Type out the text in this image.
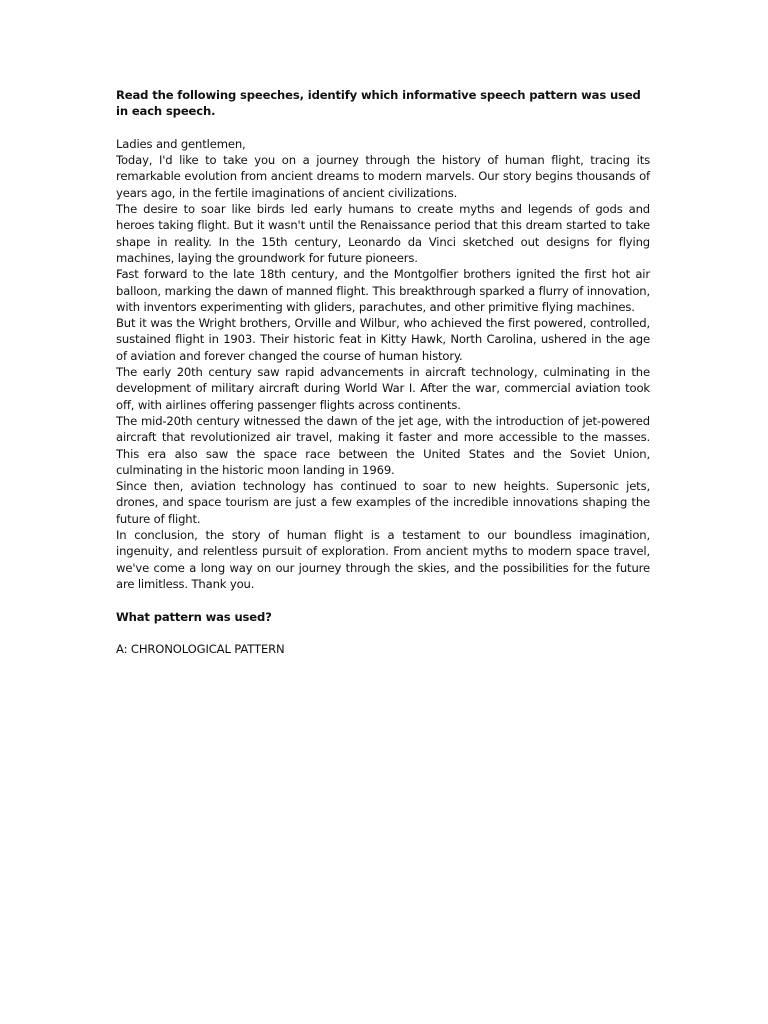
Read the following speeches, identify which informative speech pattern was used in each speech.

Ladies and gentlemen,

Today, I'd like to take you on a journey through the history of human flight, tracing its remarkable evolution from ancient dreams to modern marvels. Our story begins thousands of years ago, in the fertile imaginations of ancient civilizations.

The desire to soar like birds led early humans to create myths and legends of gods and heroes taking flight. But it wasn't until the Renaissance period that this dream started to take shape in reality. In the 15th century, Leonardo da Vinci sketched out designs for flying machines, laying the groundwork for future pioneers.

Fast forward to the late 18th century, and the Montgolfier brothers ignited the first hot air balloon, marking the dawn of manned flight. This breakthrough sparked a flurry of innovation, with inventors experimenting with gliders, parachutes, and other primitive flying machines.

But it was the Wright brothers, Orville and Wilbur, who achieved the first powered, controlled, sustained flight in 1903. Their historic feat in Kitty Hawk, North Carolina, ushered in the age of aviation and forever changed the course of human history.

The early 20th century saw rapid advancements in aircraft technology, culminating in the development of military aircraft during World War I. After the war, commercial aviation took off, with airlines offering passenger flights across continents.

The mid-20th century witnessed the dawn of the jet age, with the introduction of jet-powered aircraft that revolutionized air travel, making it faster and more accessible to the masses. This era also saw the space race between the United States and the Soviet Union, culminating in the historic moon landing in 1969.

Since then, aviation technology has continued to soar to new heights. Supersonic jets, drones, and space tourism are just a few examples of the incredible innovations shaping the future of flight.

In conclusion, the story of human flight is a testament to our boundless imagination, ingenuity, and relentless pursuit of exploration. From ancient myths to modern space travel, we've come a long way on our journey through the skies, and the possibilities for the future are limitless. Thank you.

What pattern was used?

A: CHRONOLOGICAL PATTERN
